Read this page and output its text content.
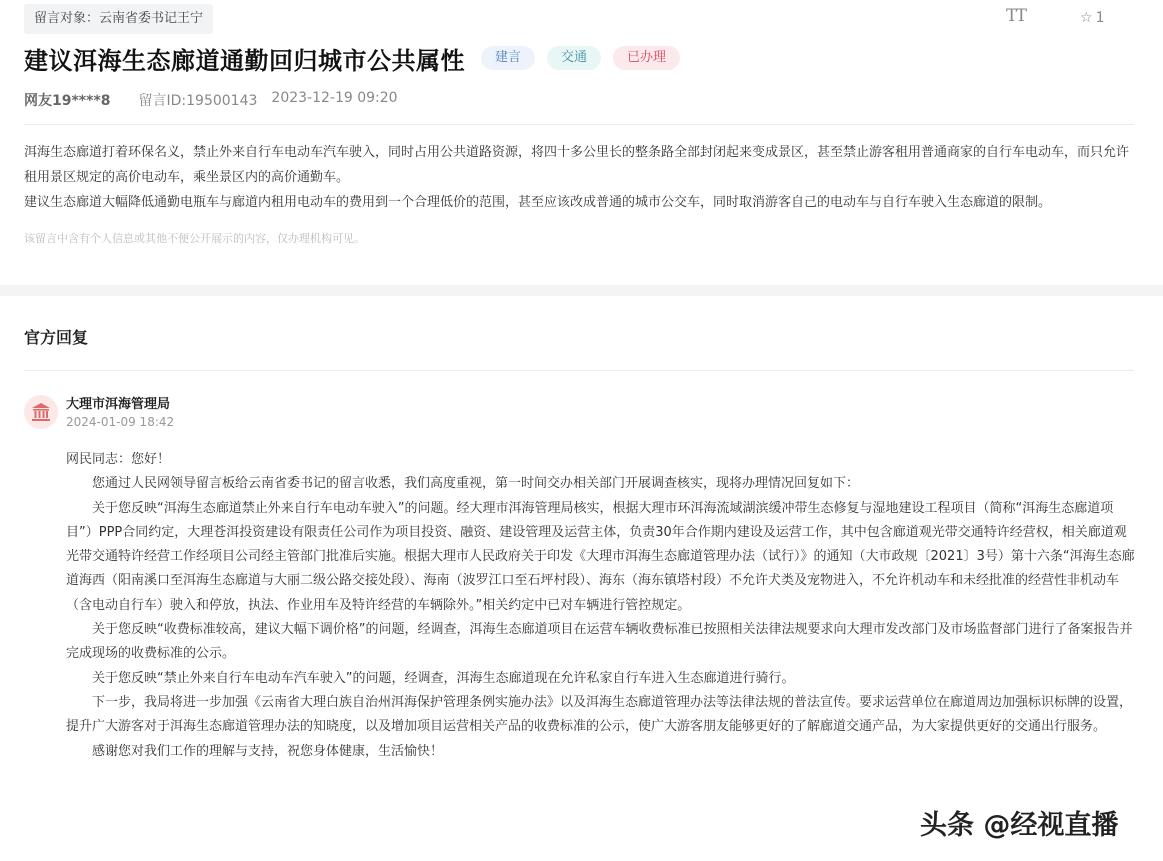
留言对象：云南省委书记王宁	TT	☆ 1
建议洱海生态廊道通勤回归城市公共属性	建言	交通	已办理
网友19****8 留言ID:19500143 2023-12-19 09:20

洱海生态廊道打着环保名义，禁止外来自行车电动车汽车驶入，同时占用公共道路资源，将四十多公里长的整条路全部封闭起来变成景区，甚至禁止游客租用普通商家的自行车电动车，而只允许租用景区规定的高价电动车，乘坐景区内的高价通勤车。

建议生态廊道大幅降低通勤电瓶车与廊道内租用电动车的费用到一个合理低价的范围，甚至应该改成普通的城市公交车，同时取消游客自己的电动车与自行车驶入生态廊道的限制。

该留言中含有个人信息或其他不便公开展示的内容，仅办理机构可见。
官方回复
大理市洱海管理局
2024-01-09 18:42

网民同志：您好！

您通过人民网领导留言板给云南省委书记的留言收悉，我们高度重视，第一时间交办相关部门开展调查核实，现将办理情况回复如下：

关于您反映“洱海生态廊道禁止外来自行车电动车驶入”的问题。经大理市洱海管理局核实，根据大理市环洱海流域湖滨缓冲带生态修复与湿地建设工程项目（简称“洱海生态廊道项目”）PPP合同约定，大理苍洱投资建设有限责任公司作为项目投资、融资、建设管理及运营主体，负责30年合作期内建设及运营工作，其中包含廊道观光带交通特许经营权，相关廊道观光带交通特许经营工作经项目公司经主管部门批准后实施。根据大理市人民政府关于印发《大理市洱海生态廊道管理办法（试行）》的通知（大市政规〔2021〕3号）第十六条“洱海生态廊道海西（阳南溪口至洱海生态廊道与大丽二级公路交接处段）、海南（波罗江口至石坪村段）、海东（海东镇塔村段）不允许犬类及宠物进入，不允许机动车和未经批准的经营性非机动车（含电动自行车）驶入和停放，执法、作业用车及特许经营的车辆除外。”相关约定中已对车辆进行管控规定。

关于您反映“收费标准较高，建议大幅下调价格”的问题，经调查，洱海生态廊道项目在运营车辆收费标准已按照相关法律法规要求向大理市发改部门及市场监督部门进行了备案报告并完成现场的收费标准的公示。

关于您反映“禁止外来自行车电动车汽车驶入”的问题，经调查，洱海生态廊道现在允许私家自行车进入生态廊道进行骑行。

下一步，我局将进一步加强《云南省大理白族自治州洱海保护管理条例实施办法》以及洱海生态廊道管理办法等法律法规的普法宣传。要求运营单位在廊道周边加强标识标牌的设置，提升广大游客对于洱海生态廊道管理办法的知晓度，以及增加项目运营相关产品的收费标准的公示，使广大游客朋友能够更好的了解廊道交通产品，为大家提供更好的交通出行服务。

感谢您对我们工作的理解与支持，祝您身体健康，生活愉快！

头条 @经视直播
